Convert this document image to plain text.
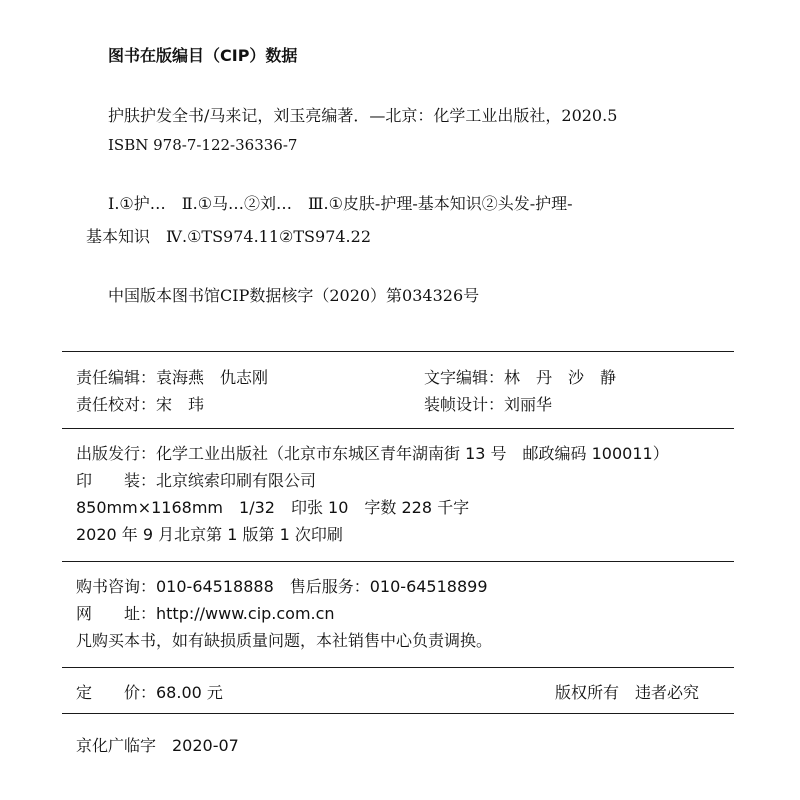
图书在版编目（CIP）数据
护肤护发全书/马来记，刘玉亮编著．—北京：化学工业出版社，2020.5
ISBN 978-7-122-36336-7
Ⅰ.①护…　Ⅱ.①马…②刘…　Ⅲ.①皮肤-护理-基本知识②头发-护理-
基本知识　Ⅳ.①TS974.11②TS974.22
中国版本图书馆CIP数据核字（2020）第034326号
责任编辑：袁海燕　仇志刚	文字编辑：林　丹　沙　静
责任校对：宋　玮	装帧设计：刘丽华
出版发行：化学工业出版社（北京市东城区青年湖南街 13 号　邮政编码 100011）
印　　装：北京缤索印刷有限公司
850mm×1168mm　1/32　印张 10　字数 228 千字
2020 年 9 月北京第 1 版第 1 次印刷
购书咨询：010-64518888　售后服务：010-64518899
网　　址：http://www.cip.com.cn
凡购买本书，如有缺损质量问题，本社销售中心负责调换。
定　　价：68.00 元	版权所有　违者必究
京化广临字　2020-07
